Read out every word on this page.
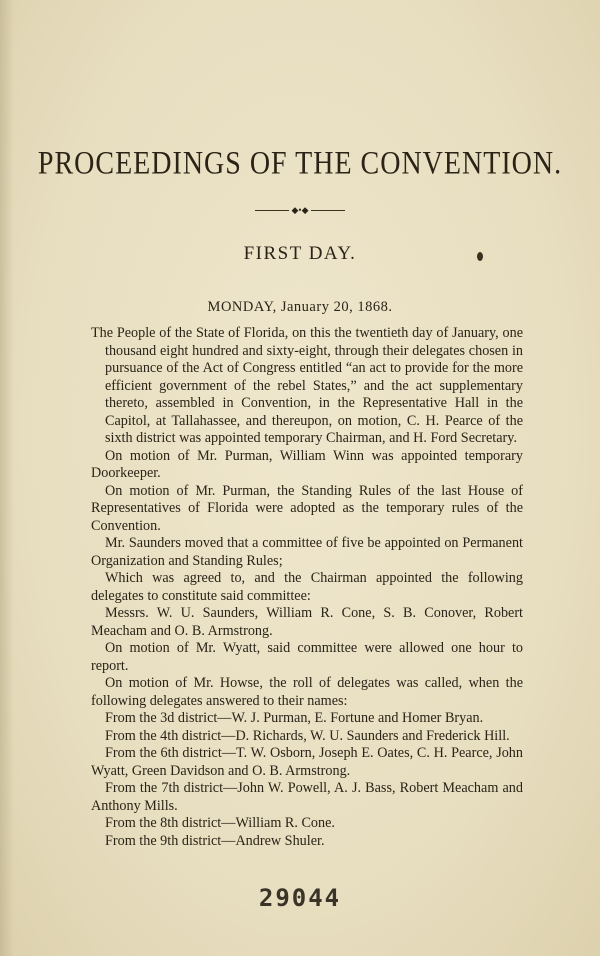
PROCEEDINGS OF THE CONVENTION.
◆•◆
FIRST DAY.
MONDAY, January 20, 1868.

The People of the State of Florida, on this the twentieth day of January, one thousand eight hundred and sixty-eight, through their delegates chosen in pursuance of the Act of Congress entitled “an act to provide for the more efficient government of the rebel States,” and the act supplementary thereto, assembled in Convention, in the Representative Hall in the Capitol, at Tallahassee, and thereupon, on motion, C. H. Pearce of the sixth district was appointed temporary Chairman, and H. Ford Secretary.

On motion of Mr. Purman, William Winn was appointed temporary Doorkeeper.

On motion of Mr. Purman, the Standing Rules of the last House of Representatives of Florida were adopted as the temporary rules of the Convention.

Mr. Saunders moved that a committee of five be appointed on Permanent Organization and Standing Rules;

Which was agreed to, and the Chairman appointed the following delegates to constitute said committee:

Messrs. W. U. Saunders, William R. Cone, S. B. Conover, Robert Meacham and O. B. Armstrong.

On motion of Mr. Wyatt, said committee were allowed one hour to report.

On motion of Mr. Howse, the roll of delegates was called, when the following delegates answered to their names:

From the 3d district—W. J. Purman, E. Fortune and Homer Bryan.

From the 4th district—D. Richards, W. U. Saunders and Frederick Hill.

From the 6th district—T. W. Osborn, Joseph E. Oates, C. H. Pearce, John Wyatt, Green Davidson and O. B. Armstrong.

From the 7th district—John W. Powell, A. J. Bass, Robert Meacham and Anthony Mills.

From the 8th district—William R. Cone.

From the 9th district—Andrew Shuler.

29044
